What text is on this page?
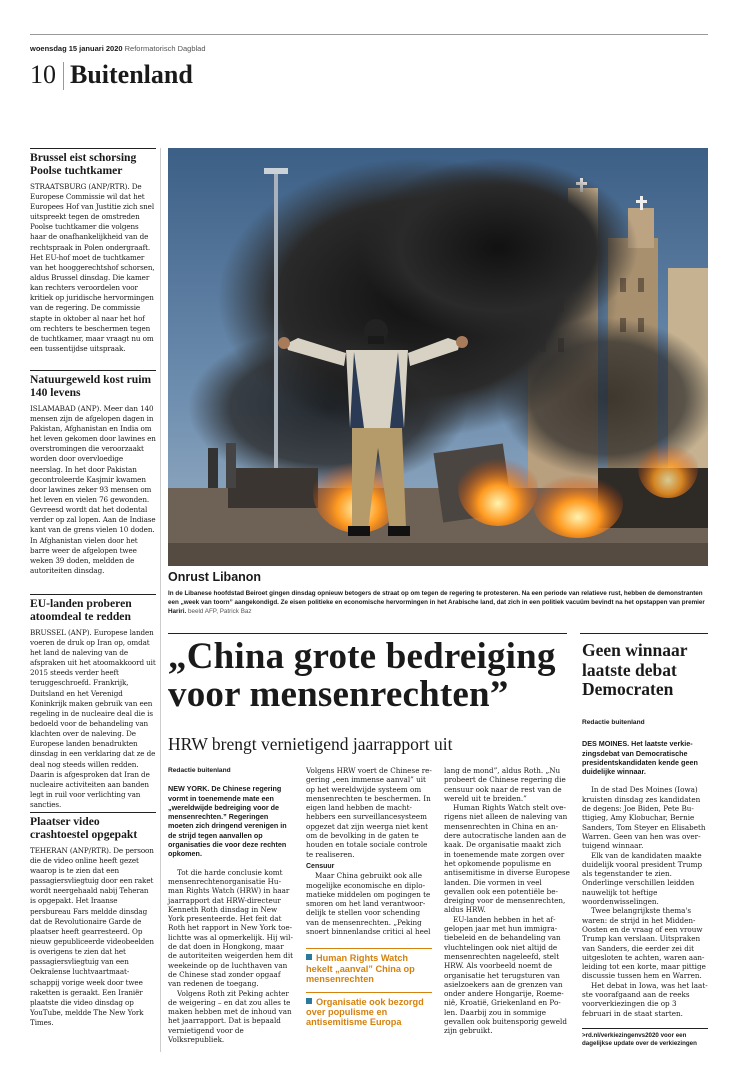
woensdag 15 januari 2020 Reformatorisch Dagblad
10 Buitenland
Brussel eist schorsing Poolse tuchtkamer
STRAATSBURG (ANP/RTR). De Europese Commissie wil dat het Europees Hof van Justitie zich snel uitspreekt tegen de omstreden Poolse tuchtkamer die volgens haar de onafhankelijkheid van de rechtspraak in Polen ondergraaft. Het EU-hof moet de tuchtkamer van het hooggerechtshof schorsen, aldus Brussel dinsdag. Die kamer kan rechters veroordelen voor kritiek op juridische hervormingen van de regering. De commissie stapte in oktober al naar het hof om rechters te beschermen tegen de tuchtkamer, maar vraagt nu om een tussentijdse uitspraak.
Natuurgeweld kost ruim 140 levens
ISLAMABAD (ANP). Meer dan 140 mensen zijn de afgelopen dagen in Pakistan, Afghanistan en India om het leven gekomen door lawines en overstromingen die veroorzaakt worden door overvloedige neerslag. In het door Pakistan gecontroleerde Kasjmir kwamen door lawines zeker 93 mensen om het leven en vielen 76 gewonden. Gevreesd wordt dat het dodental verder op zal lopen. Aan de Indiase kant van de grens vielen 10 doden. In Afghanistan vielen door het barre weer de afgelopen twee weken 39 doden, meldden de autoriteiten dinsdag.
EU-landen proberen atoomdeal te redden
BRUSSEL (ANP). Europese landen voeren de druk op Iran op, omdat het land de naleving van de afspraken uit het atoomakkoord uit 2015 steeds verder heeft teruggeschroefd. Frankrijk, Duitsland en het Verenigd Koninkrijk maken gebruik van een regeling in de nucleaire deal die is bedoeld voor de behandeling van klachten over de naleving. De Europese landen benadrukten dinsdag in een verklaring dat ze de deal nog steeds willen redden. Daarin is afgesproken dat Iran de nucleaire activiteiten aan banden legt in ruil voor verlichting van sancties.
Plaatser video crashtoestel opgepakt
TEHERAN (ANP/RTR). De persoon die de video online heeft gezet waarop is te zien dat een passagiersvliegtuig door een raket wordt neergehaald nabij Teheran is opgepakt. Het Iraanse persbureau Fars meldde dinsdag dat de Revolutionaire Garde de plaatser heeft gearresteerd. Op nieuw gepubliceerde videobeelden is overigens te zien dat het passagiersvliegtuig van een Oekraïense luchtvaartmaatschappij vorige week door twee raketten is geraakt. Een Iraniër plaatste die video dinsdag op YouTube, meldde The New York Times.
Onrust Libanon
In de Libanese hoofdstad Beiroet gingen dinsdag opnieuw betogers de straat op om tegen de regering te protesteren. Na een periode van relatieve rust, hebben de demonstranten een „week van toorn” aangekondigd. Ze eisen politieke en economische hervormingen in het Arabische land, dat zich in een politiek vacuüm bevindt na het opstappen van premier Hariri. beeld AFP, Patrick Baz
„China grote bedreiging voor mensenrechten”
HRW brengt vernietigend jaarrapport uit
Redactie buitenland

NEW YORK. De Chinese regering vormt in toenemende mate een „wereldwijde bedreiging voor de mensenrechten.” Regeringen moeten zich dringend verenigen in de strijd tegen aanvallen op organisaties die voor deze rechten opkomen.

Tot die harde conclusie komt mensenrechtenorganisatie Human Rights Watch (HRW) in haar jaarrapport dat HRW-directeur Kenneth Roth dinsdag in New York presenteerde. Het feit dat Roth het rapport in New York toelichtte was al opmerkelijk. Hij wilde dat doen in Hongkong, maar de autoriteiten weigerden hem dit weekeinde op de luchthaven van de Chinese stad zonder opgaaf van redenen de toegang.

Volgens Roth zit Peking achter de weigering – en dat zou alles te maken hebben met de inhoud van het jaarrapport. Dat is bepaald vernietigend voor de Volksrepubliek.

Volgens HRW voert de Chinese regering „een immense aanval” uit op het wereldwijde systeem om mensenrechten te beschermen. In eigen land hebben de machthebbers een surveillancesysteem opgezet dat zijn weerga niet kent om de bevolking in de gaten te houden en totale sociale controle te realiseren.

Censuur

Maar China gebruikt ook alle mogelijke economische en diplomatieke middelen om pogingen te smoren om het land verantwoordelijk te stellen voor schending van de mensenrechten. „Peking snoert binnenlandse critici al heel

Human Rights Watch hekelt „aanval” China op mensenrechten
Organisatie ook bezorgd over populisme en antisemitisme Europa

lang de mond”, aldus Roth. „Nu probeert de Chinese regering die censuur ook naar de rest van de wereld uit te breiden.”

Human Rights Watch stelt overigens niet alleen de naleving van mensenrechten in China en andere autocratische landen aan de kaak. De organisatie maakt zich in toenemende mate zorgen over het opkomende populisme en antisemitisme in diverse Europese landen. Die vormen in veel gevallen ook een potentiële bedreiging voor de mensenrechten, aldus HRW.

EU-landen hebben in het afgelopen jaar met hun immigratiebeleid en de behandeling van vluchtelingen ook niet altijd de mensenrechten nageleefd, stelt HRW. Als voorbeeld noemt de organisatie het terugsturen van asielzoekers aan de grenzen van onder andere Hongarije, Roemenië, Kroatië, Griekenland en Polen. Daarbij zou in sommige gevallen ook buitensporig geweld zijn gebruikt.

Geen winnaar laatste debat Democraten
Redactie buitenland

DES MOINES. Het laatste verkiezingsdebat van Democratische presidentskandidaten kende geen duidelijke winnaar.

In de stad Des Moines (Iowa) kruisten dinsdag zes kandidaten de degens: Joe Biden, Pete Buttigieg, Amy Klobuchar, Bernie Sanders, Tom Steyer en Elisabeth Warren. Geen van hen was overtuigend winnaar.

Elk van de kandidaten maakte duidelijk vooral president Trump als tegenstander te zien. Onderlinge verschillen leidden nauwelijk tot heftige woordenwisselingen.

Twee belangrijkste thema's waren: de strijd in het Midden-Oosten en de vraag of een vrouw Trump kan verslaan. Uitspraken van Sanders, die eerder zei dit uitgesloten te achten, waren aanleiding tot een korte, maar pittige discussie tussen hem en Warren.

Het debat in Iowa, was het laatste voorafgaand aan de reeks voorverkiezingen die op 3 februari in de staat starten.

>rd.nl/verkiezingenvs2020 voor een dagelijkse update over de verkiezingen
